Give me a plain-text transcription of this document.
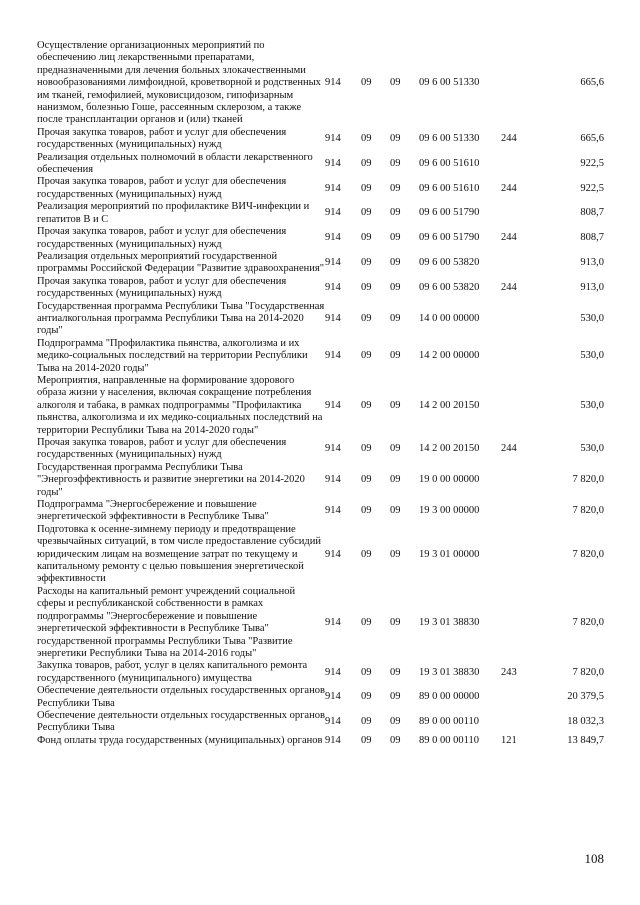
Осуществление организационных мероприятий по обеспечению лиц лекарственными препаратами, предназначенными для лечения больных злокачественными новообразованиями лимфоидной, кроветворной и родственных им тканей, гемофилией, муковисцидозом, гипофизарным нанизмом, болезнью Гоше, рассеянным склерозом, а также после трансплантации органов и (или) тканей	914	09	09	09 6 00 51330		665,6
Прочая закупка товаров, работ и услуг для обеспечения государственных (муниципальных) нужд	914	09	09	09 6 00 51330	244	665,6
Реализация отдельных полномочий в области лекарственного обеспечения	914	09	09	09 6 00 51610		922,5
Прочая закупка товаров, работ и услуг для обеспечения государственных (муниципальных) нужд	914	09	09	09 6 00 51610	244	922,5
Реализация мероприятий по профилактике ВИЧ-инфекции и гепатитов В и С	914	09	09	09 6 00 51790		808,7
Прочая закупка товаров, работ и услуг для обеспечения государственных (муниципальных) нужд	914	09	09	09 6 00 51790	244	808,7
Реализация отдельных мероприятий государственной программы Российской Федерации "Развитие здравоохранения"	914	09	09	09 6 00 53820		913,0
Прочая закупка товаров, работ и услуг для обеспечения государственных (муниципальных) нужд	914	09	09	09 6 00 53820	244	913,0
Государственная программа Республики Тыва "Государственная антиалкогольная программа Республики Тыва на 2014-2020 годы"	914	09	09	14 0 00 00000		530,0
Подпрограмма "Профилактика пьянства, алкоголизма и их медико-социальных последствий на территории Республики Тыва на 2014-2020 годы"	914	09	09	14 2 00 00000		530,0
Мероприятия, направленные на формирование здорового образа жизни у населения, включая сокращение потребления алкоголя и табака, в рамках подпрограммы "Профилактика пьянства, алкоголизма и их медико-социальных последствий на территории Республики Тыва на 2014-2020 годы"	914	09	09	14 2 00 20150		530,0
Прочая закупка товаров, работ и услуг для обеспечения государственных (муниципальных) нужд	914	09	09	14 2 00 20150	244	530,0
Государственная программа Республики Тыва "Энергоэффективность и развитие энергетики на 2014-2020 годы"	914	09	09	19 0 00 00000		7 820,0
Подпрограмма "Энергосбережение и повышение энергетической эффективности в Республике Тыва"	914	09	09	19 3 00 00000		7 820,0
Подготовка к осенне-зимнему периоду и предотвращение чрезвычайных ситуаций, в том числе предоставление субсидий юридическим лицам на возмещение затрат по текущему и капитальному ремонту с целью повышения энергетической эффективности	914	09	09	19 3 01 00000		7 820,0
Расходы на капитальный ремонт учреждений социальной сферы и республиканской собственности в рамках подпрограммы "Энергосбережение и повышение энергетической эффективности в Республике Тыва" государственной программы Республики Тыва "Развитие энергетики Республики Тыва на 2014-2016 годы"	914	09	09	19 3 01 38830		7 820,0
Закупка товаров, работ, услуг в целях капитального ремонта государственного (муниципального) имущества	914	09	09	19 3 01 38830	243	7 820,0
Обеспечение деятельности отдельных государственных органов Республики Тыва	914	09	09	89 0 00 00000		20 379,5
Обеспечение деятельности отдельных государственных органов Республики Тыва	914	09	09	89 0 00 00110		18 032,3
Фонд оплаты труда государственных (муниципальных) органов	914	09	09	89 0 00 00110	121	13 849,7
108
